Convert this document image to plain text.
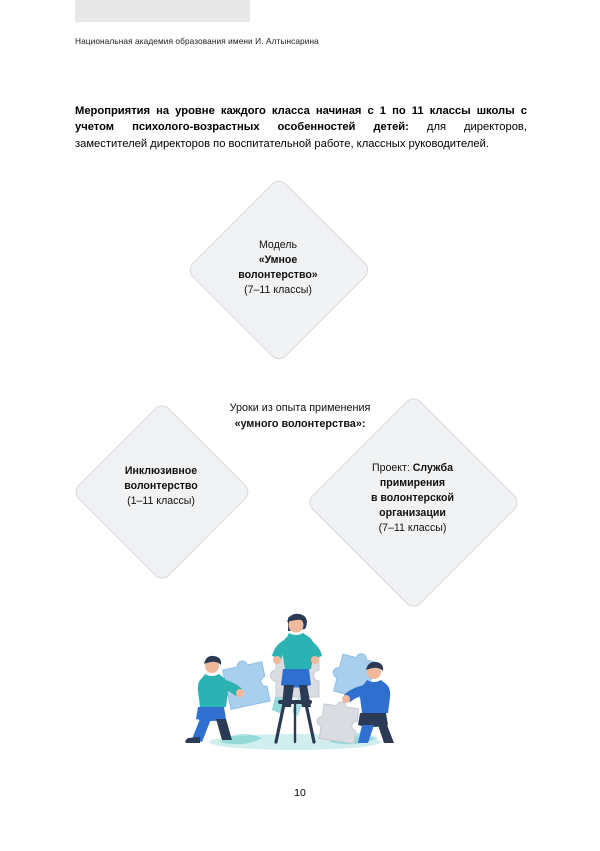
Национальная академия образования имени И. Алтынсарина
Мероприятия на уровне каждого класса начиная с 1 по 11 классы школы с учетом психолого-возрастных особенностей детей: для директоров, заместителей директоров по воспитательной работе, классных руководителей.
Модель
«Умное
волонтерство»
(7–11 классы)
Уроки из опыта применения
«умного волонтерства»:
Инклюзивное
волонтерство
(1–11 классы)
Проект: Служба
примирения
в волонтерской
организации
(7–11 классы)
10
